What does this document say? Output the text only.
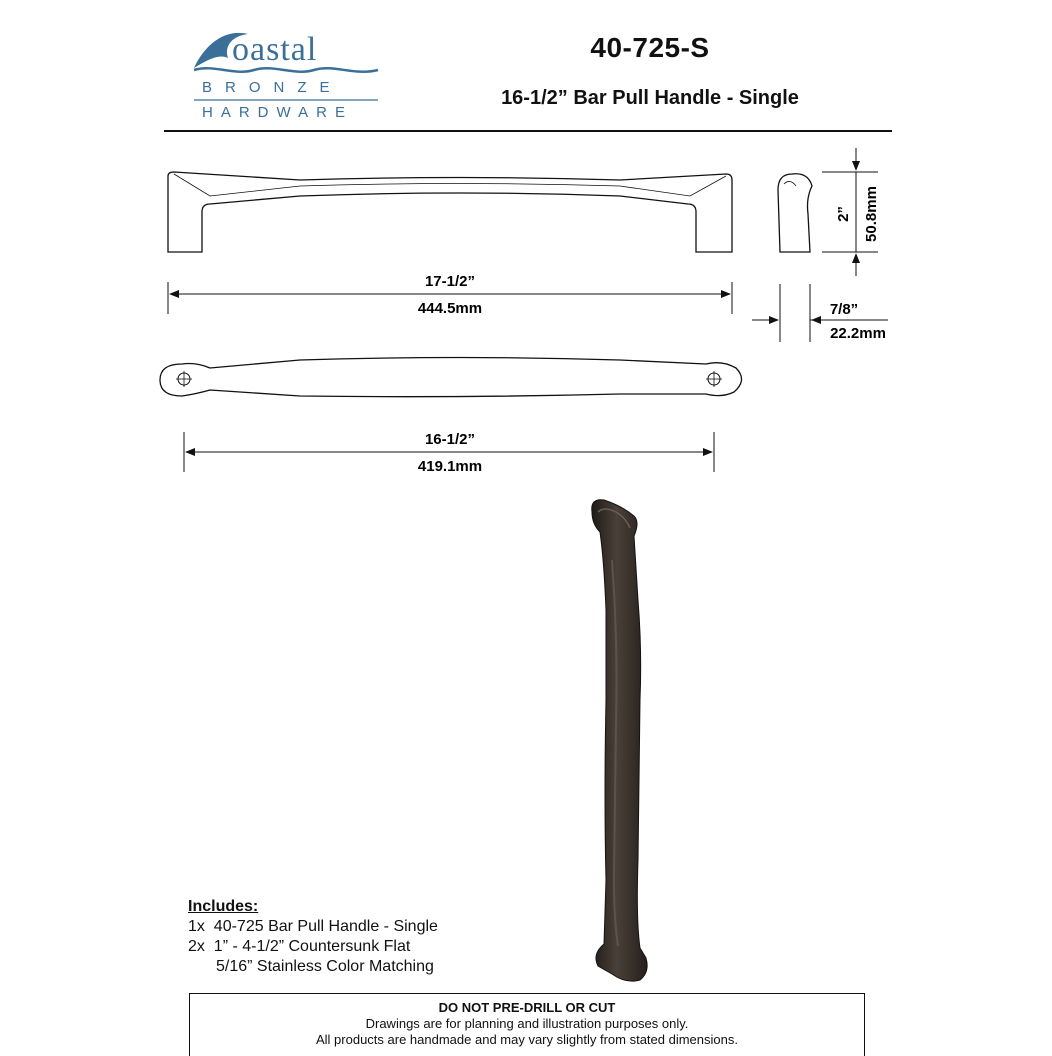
oastal
BRONZE
HARDWARE
40-725-S
16-1/2” Bar Pull Handle - Single
17-1/2”
444.5mm
2” 50.8mm
7/8”
22.2mm
16-1/2”
419.1mm
Includes:
1x 40-725 Bar Pull Handle - Single
2x 1” - 4-1/2” Countersunk Flat
5/16” Stainless Color Matching
DO NOT PRE-DRILL OR CUT
Drawings are for planning and illustration purposes only.
All products are handmade and may vary slightly from stated dimensions.
